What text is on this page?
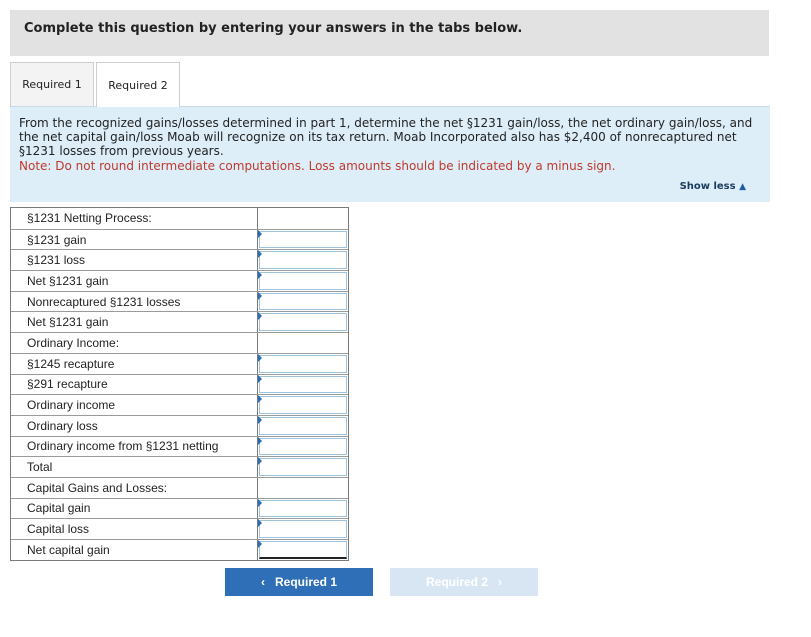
Complete this question by entering your answers in the tabs below.
Required 1 Required 2
From the recognized gains/losses determined in part 1, determine the net §1231 gain/loss, the net ordinary gain/loss, and the net capital gain/loss Moab will recognize on its tax return. Moab Incorporated also has $2,400 of nonrecaptured net §1231 losses from previous years.
Note: Do not round intermediate computations. Loss amounts should be indicated by a minus sign.
Show less ▲
§1231 Netting Process:
§1231 gain
§1231 loss
Net §1231 gain
Nonrecaptured §1231 losses
Net §1231 gain
Ordinary Income:
§1245 recapture
§291 recapture
Ordinary income
Ordinary loss
Ordinary income from §1231 netting
Total
Capital Gains and Losses:
Capital gain
Capital loss
Net capital gain
‹ Required 1	Required 2 ›
